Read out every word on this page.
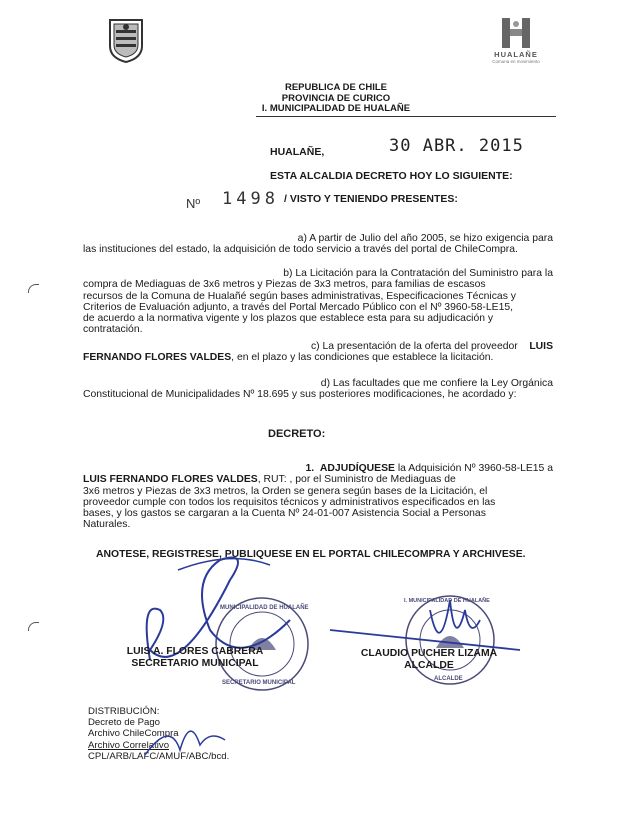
HUALAÑE
Comuna en movimiento
REPUBLICA DE CHILE
PROVINCIA DE CURICO
I. MUNICIPALIDAD DE HUALAÑE
HUALAÑE,	30 ABR. 2015
ESTA ALCALDIA DECRETO HOY LO SIGUIENTE:
Nº 1498 / VISTO Y TENIENDO PRESENTES:
a) A partir de Julio del año 2005, se hizo exigencia para
las instituciones del estado, la adquisición de todo servicio a través del portal de ChileCompra.
b) La Licitación para la Contratación del Suministro para la
compra de Mediaguas de 3x6 metros y Piezas de 3x3 metros, para familias de escasos
recursos de la Comuna de Hualañé según bases administrativas, Especificaciones Técnicas y
Criterios de Evaluación adjunto, a través del Portal Mercado Público con el Nº 3960-58-LE15,
de acuerdo a la normativa vigente y los plazos que establece esta para su adjudicación y
contratación.
c) La presentación de la oferta del proveedor LUIS
FERNANDO FLORES VALDES, en el plazo y las condiciones que establece la licitación.
d) Las facultades que me confiere la Ley Orgánica
Constitucional de Municipalidades Nº 18.695 y sus posteriores modificaciones, he acordado y:
DECRETO:
1. ADJUDÍQUESE la Adquisición Nº 3960-58-LE15 a
LUIS FERNANDO FLORES VALDES, RUT: , por el Suministro de Mediaguas de
3x6 metros y Piezas de 3x3 metros, la Orden se genera según bases de la Licitación, el
proveedor cumple con todos los requisitos técnicos y administrativos especificados en las
bases, y los gastos se cargaran a la Cuenta Nº 24-01-007 Asistencia Social a Personas
Naturales.
ANOTESE, REGISTRESE, PUBLIQUESE EN EL PORTAL CHILECOMPRA Y ARCHIVESE.
MUNICIPALIDAD DE HUALAÑE
SECRETARIO MUNICIPAL
I. MUNICIPALIDAD DE HUALAÑE
ALCALDE
LUIS A. FLORES CABRERA
SECRETARIO MUNICIPAL
CLAUDIO PUCHER LIZAMA
ALCALDE
DISTRIBUCIÓN:
Decreto de Pago
Archivo ChileCompra
Archivo Correlativo
CPL/ARB/LAFC/AMUF/ABC/bcd.
